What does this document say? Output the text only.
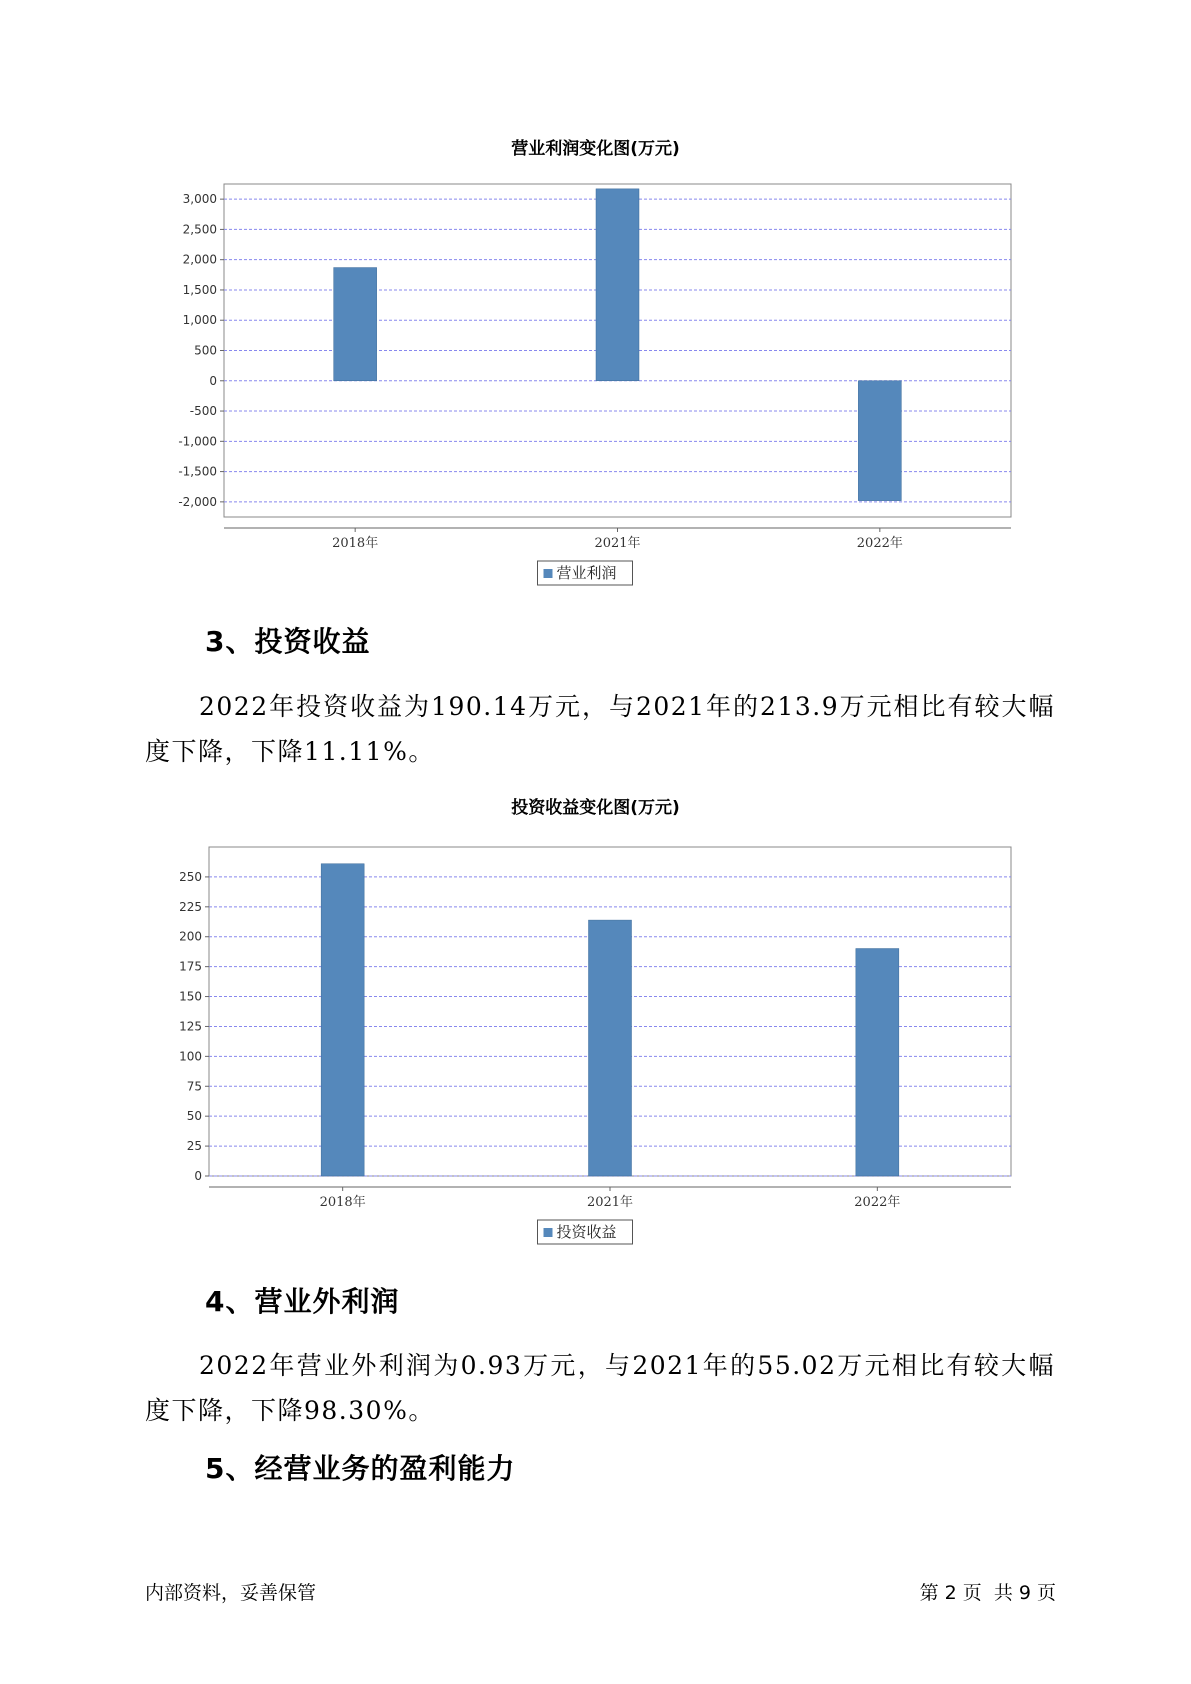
营业利润变化图(万元)
3,000
2,500
2,000
1,500
1,000
500
0
-500
-1,000
-1,500
-2,000
2018年	2021年	2022年
营业利润
3、投资收益
2022年投资收益为190.14万元，与2021年的213.9万元相比有较大幅度下降，下降11.11%。
投资收益变化图(万元)
250
225
200
175
150
125
100
75
50
25
0
2018年	2021年	2022年
投资收益
4、营业外利润
2022年营业外利润为0.93万元，与2021年的55.02万元相比有较大幅度下降，下降98.30%。
5、经营业务的盈利能力
内部资料，妥善保管	第 2 页  共 9 页
